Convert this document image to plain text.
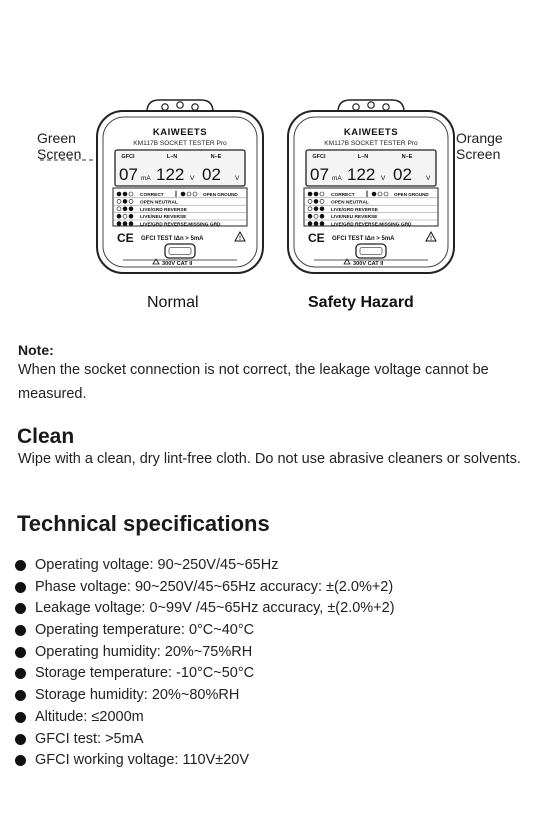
Green
Screen
Orange
Screen
KAIWEETS
KM117B SOCKET TESTER Pro
GFCI	L–N	N–E
07 122 02
mA	V	V
CORRECT	OPEN GROUND
OPEN NEUTRAL
LIVE/GRD REVERSE
LIVE/NEU REVERSE
LIVE/GRD REVERSE,MISSING GRD
CE GFCI TEST IΔn > 5mA	!
300V CAT II
KAIWEETS
KM117B SOCKET TESTER Pro
GFCI	L–N	N–E
07 122 02
mA	V	V
CORRECT	OPEN GROUND
OPEN NEUTRAL
LIVE/GRD REVERSE
LIVE/NEU REVERSE
LIVE/GRD REVERSE,MISSING GRD
CE GFCI TEST IΔn > 5mA	!
300V CAT II
Normal	Safety Hazard
Note:
When the socket connection is not correct, the leakage voltage cannot be measured.
Clean
Wipe with a clean, dry lint-free cloth. Do not use abrasive cleaners or solvents.
Technical specifications
Operating voltage: 90~250V/45~65Hz
Phase voltage: 90~250V/45~65Hz accuracy: ±(2.0%+2)
Leakage voltage: 0~99V /45~65Hz accuracy, ±(2.0%+2)
Operating temperature: 0°C~40°C
Operating humidity: 20%~75%RH
Storage temperature: -10°C~50°C
Storage humidity: 20%~80%RH
Altitude: ≤2000m
GFCI test: >5mA
GFCI working voltage: 110V±20V
